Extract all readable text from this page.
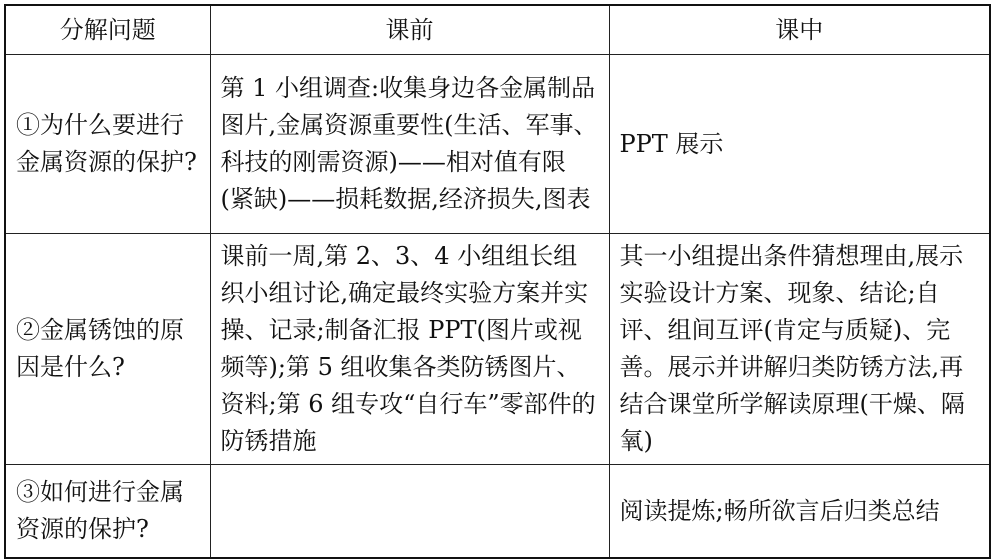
分解问题	课前	课中
①为什么要进行金属资源的保护?	第 1 小组调查:收集身边各金属制品图片,金属资源重要性(生活、军事、科技的刚需资源)——相对值有限(紧缺)——损耗数据,经济损失,图表	PPT 展示
②金属锈蚀的原因是什么?	课前一周,第 2、3、4 小组组长组织小组讨论,确定最终实验方案并实操、记录;制备汇报 PPT(图片或视频等);第 5 组收集各类防锈图片、资料;第 6 组专攻“自行车”零部件的防锈措施	其一小组提出条件猜想理由,展示实验设计方案、现象、结论;自评、组间互评(肯定与质疑)、完善。展示并讲解归类防锈方法,再结合课堂所学解读原理(干燥、隔氧)
③如何进行金属资源的保护?		阅读提炼;畅所欲言后归类总结
